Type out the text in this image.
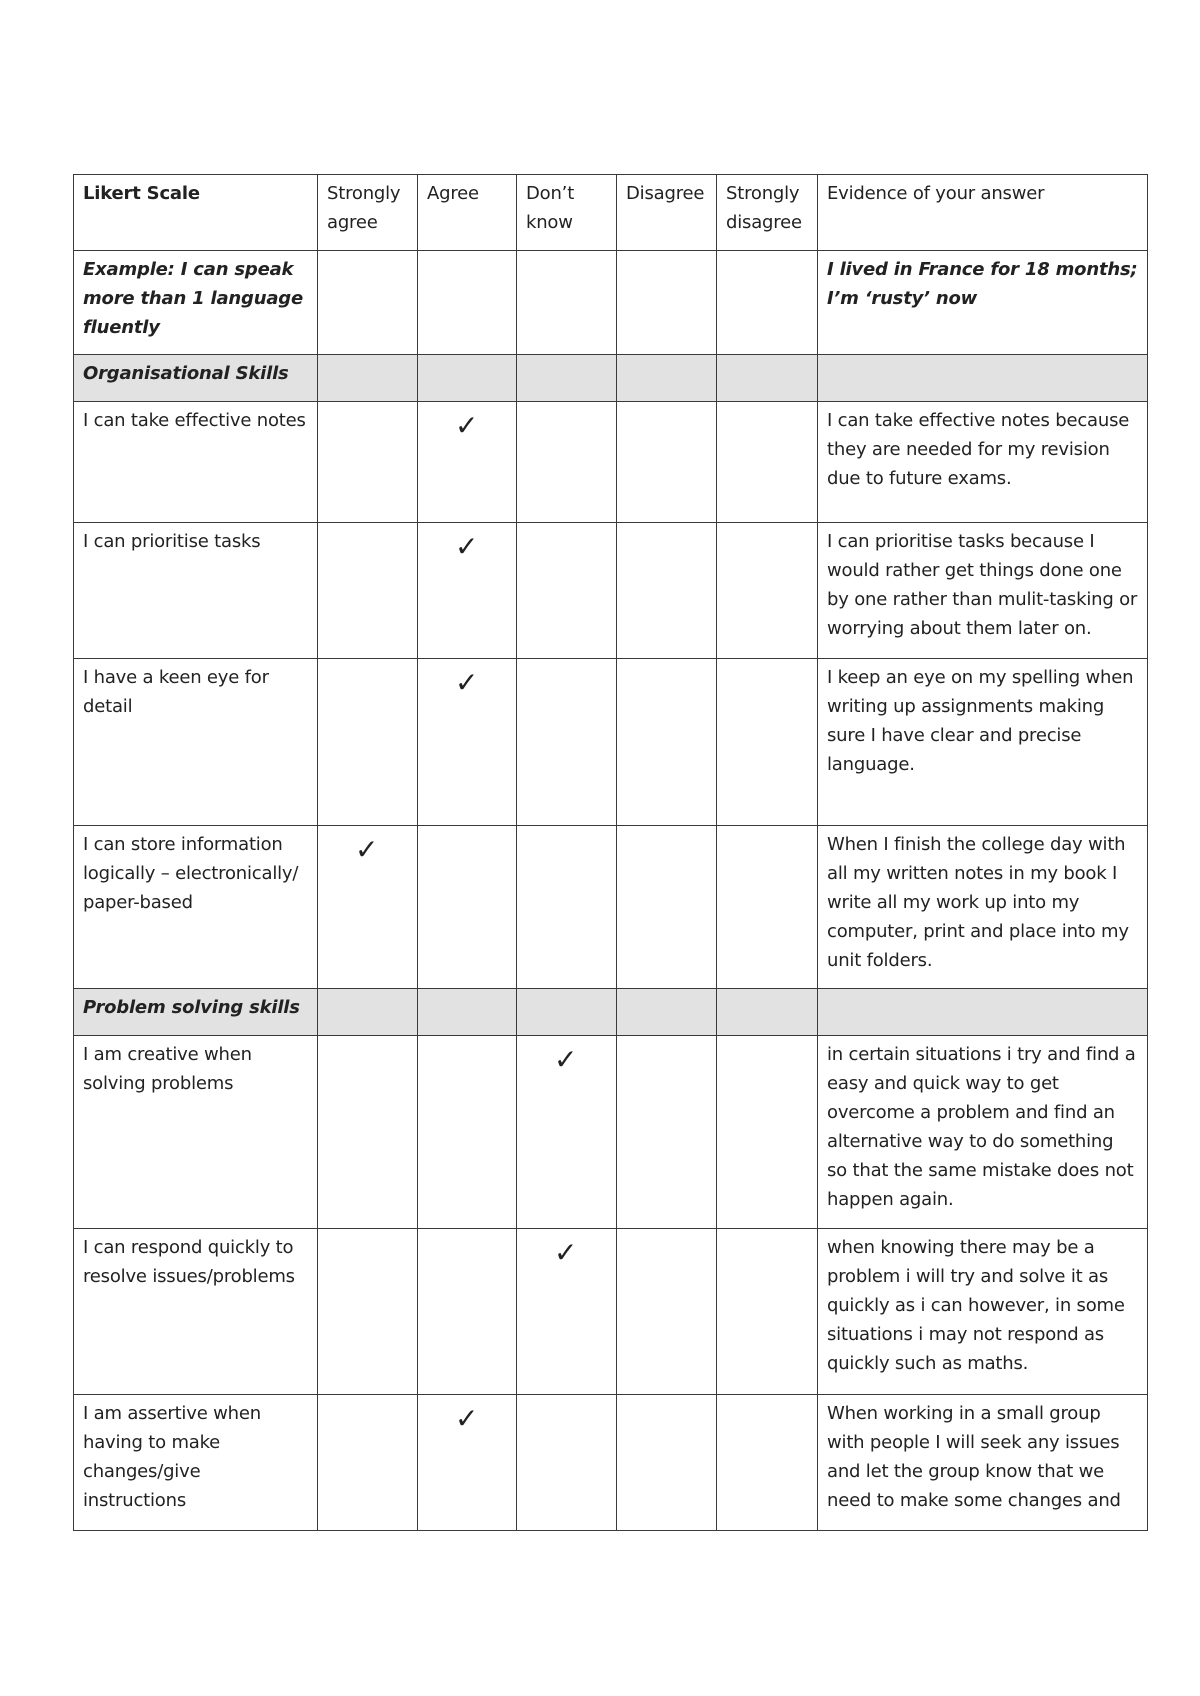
Likert Scale	Strongly agree	Agree	Don’t know	Disagree	Strongly disagree	Evidence of your answer
Example: I can speak more than 1 language fluently						I lived in France for 18 months; I’m ‘rusty’ now
Organisational Skills						
I can take effective notes		✓				I can take effective notes because they are needed for my revision due to future exams.
I can prioritise tasks		✓				I can prioritise tasks because I would rather get things done one by one rather than mulit-tasking or worrying about them later on.
I have a keen eye for detail		✓				I keep an eye on my spelling when writing up assignments making sure I have clear and precise language.
I can store information logically – electronically/ paper-based	✓					When I finish the college day with all my written notes in my book I write all my work up into my computer, print and place into my unit folders.
Problem solving skills						
I am creative when solving problems			✓			in certain situations i try and find a easy and quick way to get overcome a problem and find an alternative way to do something so that the same mistake does not happen again.
I can respond quickly to resolve issues/problems			✓			when knowing there may be a problem i will try and solve it as quickly as i can however, in some situations i may not respond as quickly such as maths.
I am assertive when having to make changes/give instructions		✓				When working in a small group with people I will seek any issues and let the group know that we need to make some changes and
